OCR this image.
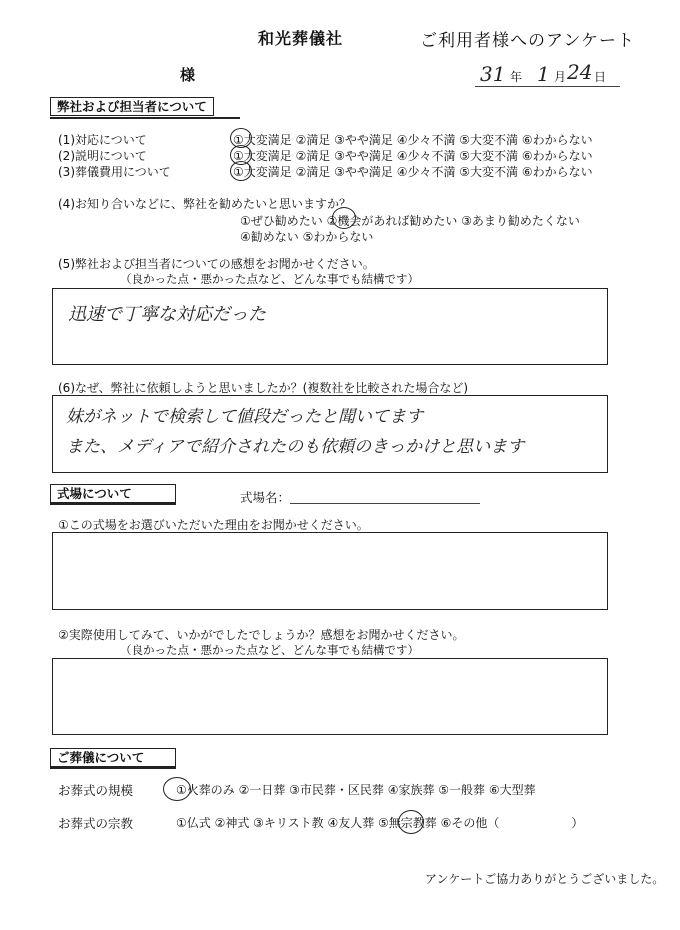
和光葬儀社	ご利用者様へのアンケート
様	31 年 1 月 24 日
弊社および担当者について
(1)対応について	①大変満足 ②満足 ③やや満足 ④少々不満 ⑤大変不満 ⑥わからない
(2)説明について	①大変満足 ②満足 ③やや満足 ④少々不満 ⑤大変不満 ⑥わからない
(3)葬儀費用について	①大変満足 ②満足 ③やや満足 ④少々不満 ⑤大変不満 ⑥わからない
(4)お知り合いなどに、弊社を勧めたいと思いますか？
①ぜひ勧めたい ②機会があれば勧めたい ③あまり勧めたくない
④勧めない ⑤わからない
(5)弊社および担当者についての感想をお聞かせください。
（良かった点・悪かった点など、どんな事でも結構です）
迅速で丁寧な対応だった
(6)なぜ、弊社に依頼しようと思いましたか？(複数社を比較された場合など)
妹がネットで検索して値段だったと聞いてます
また、メディアで紹介されたのも依頼のきっかけと思います
式場について	式場名：
①この式場をお選びいただいた理由をお聞かせください。
②実際使用してみて、いかがでしたでしょうか？感想をお聞かせください。
（良かった点・悪かった点など、どんな事でも結構です）
ご葬儀について
お葬式の規模	①火葬のみ ②一日葬 ③市民葬・区民葬 ④家族葬 ⑤一般葬 ⑥大型葬
お葬式の宗教	①仏式 ②神式 ③キリスト教 ④友人葬 ⑤無宗教葬 ⑥その他（　　　　　　）
アンケートご協力ありがとうございました。
